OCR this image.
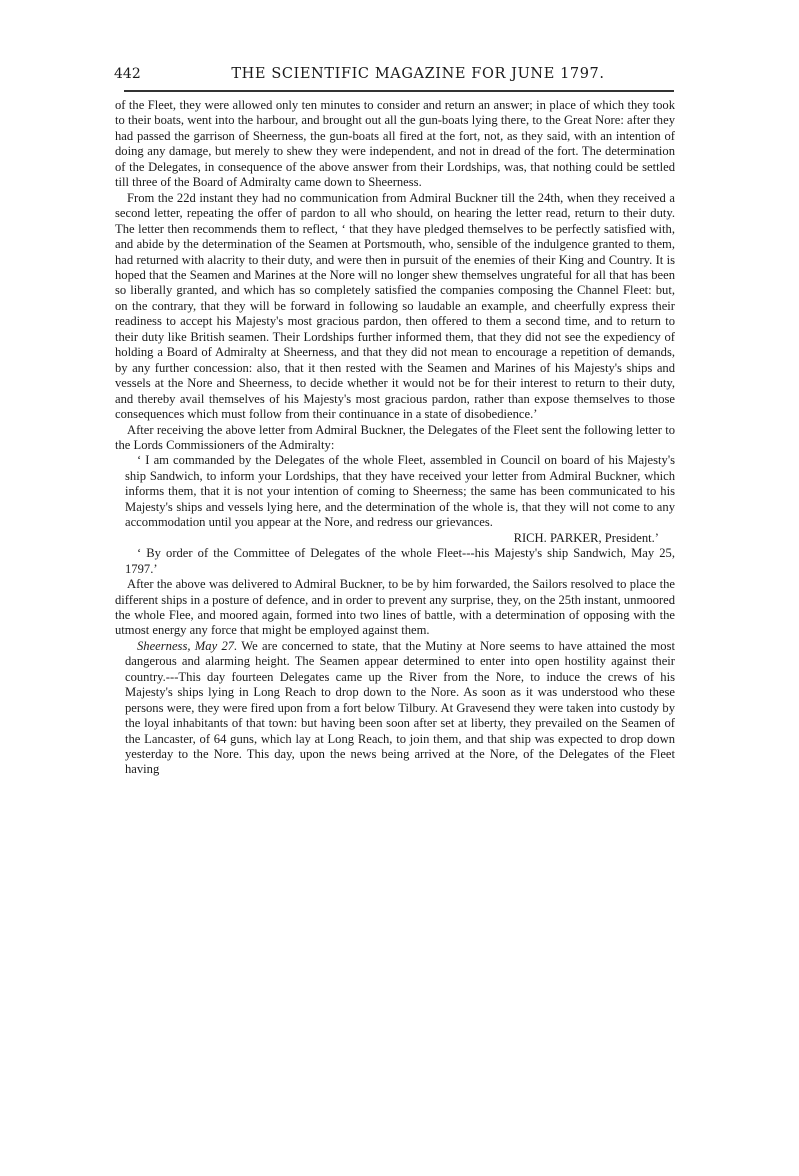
442	THE SCIENTIFIC MAGAZINE FOR JUNE 1797.

of the Fleet, they were allowed only ten minutes to consider and return an answer; in place of which they took to their boats, went into the harbour, and brought out all the gun-boats lying there, to the Great Nore: after they had passed the garrison of Sheerness, the gun-boats all fired at the fort, not, as they said, with an intention of doing any damage, but merely to shew they were independent, and not in dread of the fort. The determination of the Delegates, in consequence of the above answer from their Lordships, was, that nothing could be settled till three of the Board of Admiralty came down to Sheerness.

From the 22d instant they had no communication from Admiral Buckner till the 24th, when they received a second letter, repeating the offer of pardon to all who should, on hearing the letter read, return to their duty. The letter then recommends them to reflect, ‘ that they have pledged themselves to be perfectly satisfied with, and abide by the determination of the Seamen at Portsmouth, who, sensible of the indulgence granted to them, had returned with alacrity to their duty, and were then in pursuit of the enemies of their King and Country. It is hoped that the Seamen and Marines at the Nore will no longer shew themselves ungrateful for all that has been so liberally granted, and which has so completely satisfied the companies composing the Channel Fleet: but, on the contrary, that they will be forward in following so laudable an example, and cheerfully express their readiness to accept his Majesty's most gracious pardon, then offered to them a second time, and to return to their duty like British seamen. Their Lordships further informed them, that they did not see the expediency of holding a Board of Admiralty at Sheerness, and that they did not mean to encourage a repetition of demands, by any further concession: also, that it then rested with the Seamen and Marines of his Majesty's ships and vessels at the Nore and Sheerness, to decide whether it would not be for their interest to return to their duty, and thereby avail themselves of his Majesty's most gracious pardon, rather than expose themselves to those consequences which must follow from their continuance in a state of disobedience.’

After receiving the above letter from Admiral Buckner, the Delegates of the Fleet sent the following letter to the Lords Commissioners of the Admiralty:

‘ I am commanded by the Delegates of the whole Fleet, assembled in Council on board of his Majesty's ship Sandwich, to inform your Lordships, that they have received your letter from Admiral Buckner, which informs them, that it is not your intention of coming to Sheerness; the same has been communicated to his Majesty's ships and vessels lying here, and the determination of the whole is, that they will not come to any accommodation until you appear at the Nore, and redress our grievances.

RICH. PARKER, President.’

‘ By order of the Committee of Delegates of the whole Fleet---his Majesty's ship Sandwich, May 25, 1797.’

After the above was delivered to Admiral Buckner, to be by him forwarded, the Sailors resolved to place the different ships in a posture of defence, and in order to prevent any surprise, they, on the 25th instant, unmoored the whole Flee, and moored again, formed into two lines of battle, with a determination of opposing with the utmost energy any force that might be employed against them.

Sheerness, May 27. We are concerned to state, that the Mutiny at Nore seems to have attained the most dangerous and alarming height. The Seamen appear determined to enter into open hostility against their country.---This day fourteen Delegates came up the River from the Nore, to induce the crews of his Majesty's ships lying in Long Reach to drop down to the Nore. As soon as it was understood who these persons were, they were fired upon from a fort below Tilbury. At Gravesend they were taken into custody by the loyal inhabitants of that town: but having been soon after set at liberty, they prevailed on the Seamen of the Lancaster, of 64 guns, which lay at Long Reach, to join them, and that ship was expected to drop down yesterday to the Nore. This day, upon the news being arrived at the Nore, of the Delegates of the Fleet having
